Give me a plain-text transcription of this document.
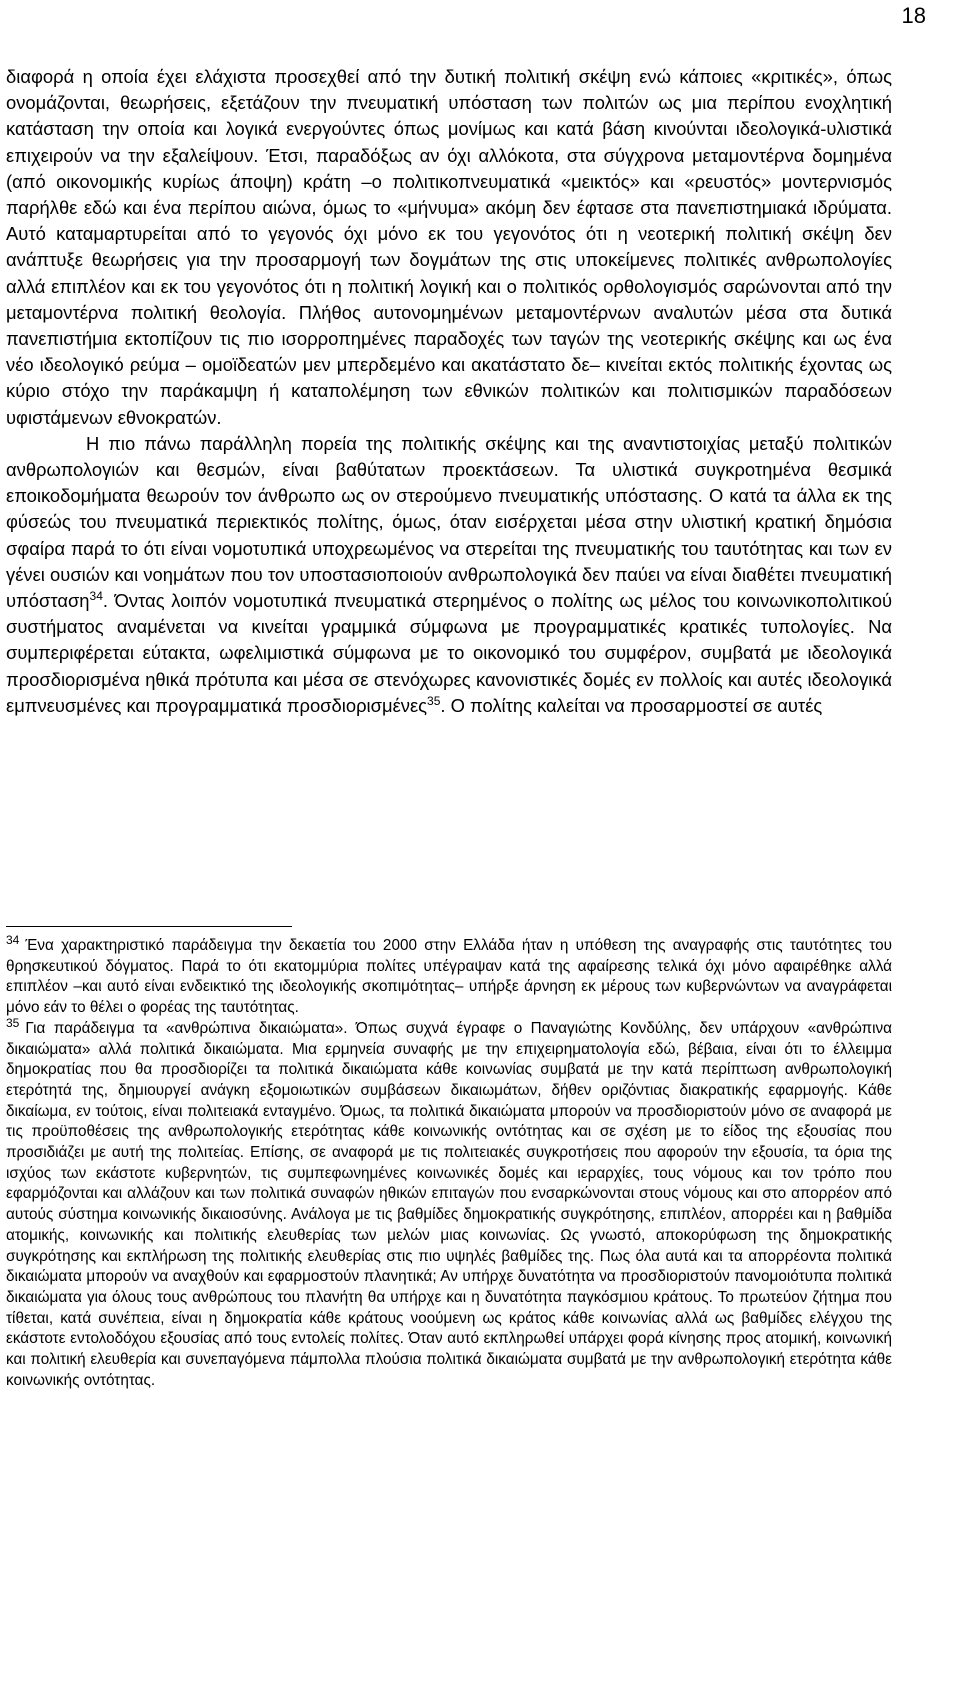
18

διαφορά η οποία έχει ελάχιστα προσεχθεί από την δυτική πολιτική σκέψη ενώ κάποιες «κριτικές», όπως ονομάζονται, θεωρήσεις, εξετάζουν την πνευματική υπόσταση των πολιτών ως μια περίπου ενοχλητική κατάσταση την οποία και λογικά ενεργούντες όπως μονίμως και κατά βάση κινούνται ιδεολογικά-υλιστικά επιχειρούν να την εξαλείψουν. Έτσι, παραδόξως αν όχι αλλόκοτα, στα σύγχρονα μεταμοντέρνα δομημένα (από οικονομικής κυρίως άποψη) κράτη –ο πολιτικοπνευματικά «μεικτός» και «ρευστός» μοντερνισμός παρήλθε εδώ και ένα περίπου αιώνα, όμως το «μήνυμα» ακόμη δεν έφτασε στα πανεπιστημιακά ιδρύματα. Αυτό καταμαρτυρείται από το γεγονός όχι μόνο εκ του γεγονότος ότι η νεοτερική πολιτική σκέψη δεν ανάπτυξε θεωρήσεις για την προσαρμογή των δογμάτων της στις υποκείμενες πολιτικές ανθρωπολογίες αλλά επιπλέον και εκ του γεγονότος ότι η πολιτική λογική και ο πολιτικός ορθολογισμός σαρώνονται από την μεταμοντέρνα πολιτική θεολογία. Πλήθος αυτονομημένων μεταμοντέρνων αναλυτών μέσα στα δυτικά πανεπιστήμια εκτοπίζουν τις πιο ισορροπημένες παραδοχές των ταγών της νεοτερικής σκέψης και ως ένα νέο ιδεολογικό ρεύμα – ομοϊδεατών μεν μπερδεμένο και ακατάστατο δε– κινείται εκτός πολιτικής έχοντας ως κύριο στόχο την παράκαμψη ή καταπολέμηση των εθνικών πολιτικών και πολιτισμικών παραδόσεων υφιστάμενων εθνοκρατών.

Η πιο πάνω παράλληλη πορεία της πολιτικής σκέψης και της αναντιστοιχίας μεταξύ πολιτικών ανθρωπολογιών και θεσμών, είναι βαθύτατων προεκτάσεων. Τα υλιστικά συγκροτημένα θεσμικά εποικοδομήματα θεωρούν τον άνθρωπο ως ον στερούμενο πνευματικής υπόστασης. Ο κατά τα άλλα εκ της φύσεώς του πνευματικά περιεκτικός πολίτης, όμως, όταν εισέρχεται μέσα στην υλιστική κρατική δημόσια σφαίρα παρά το ότι είναι νομοτυπικά υποχρεωμένος να στερείται της πνευματικής του ταυτότητας και των εν γένει ουσιών και νοημάτων που τον υποστασιοποιούν ανθρωπολογικά δεν παύει να είναι διαθέτει πνευματική υπόσταση$^{34}$. Όντας λοιπόν νομοτυπικά πνευματικά στερημένος ο πολίτης ως μέλος του κοινωνικοπολιτικού συστήματος αναμένεται να κινείται γραμμικά σύμφωνα με προγραμματικές κρατικές τυπολογίες. Να συμπεριφέρεται εύτακτα, ωφελιμιστικά σύμφωνα με το οικονομικό του συμφέρον, συμβατά με ιδεολογικά προσδιορισμένα ηθικά πρότυπα και μέσα σε στενόχωρες κανονιστικές δομές εν πολλοίς και αυτές ιδεολογικά εμπνευσμένες και προγραμματικά προσδιορισμένες$^{35}$. Ο πολίτης καλείται να προσαρμοστεί σε αυτές

$^{34}$ Ένα χαρακτηριστικό παράδειγμα την δεκαετία του 2000 στην Ελλάδα ήταν η υπόθεση της αναγραφής στις ταυτότητες του θρησκευτικού δόγματος. Παρά το ότι εκατομμύρια πολίτες υπέγραψαν κατά της αφαίρεσης τελικά όχι μόνο αφαιρέθηκε αλλά επιπλέον –και αυτό είναι ενδεικτικό της ιδεολογικής σκοπιμότητας– υπήρξε άρνηση εκ μέρους των κυβερνώντων να αναγράφεται μόνο εάν το θέλει ο φορέας της ταυτότητας.

$^{35}$ Για παράδειγμα τα «ανθρώπινα δικαιώματα». Όπως συχνά έγραφε ο Παναγιώτης Κονδύλης, δεν υπάρχουν «ανθρώπινα δικαιώματα» αλλά πολιτικά δικαιώματα. Μια ερμηνεία συναφής με την επιχειρηματολογία εδώ, βέβαια, είναι ότι το έλλειμμα δημοκρατίας που θα προσδιορίζει τα πολιτικά δικαιώματα κάθε κοινωνίας συμβατά με την κατά περίπτωση ανθρωπολογική ετερότητά της, δημιουργεί ανάγκη εξομοιωτικών συμβάσεων δικαιωμάτων, δήθεν οριζόντιας διακρατικής εφαρμογής. Κάθε δικαίωμα, εν τούτοις, είναι πολιτειακά ενταγμένο. Όμως, τα πολιτικά δικαιώματα μπορούν να προσδιοριστούν μόνο σε αναφορά με τις προϋποθέσεις της ανθρωπολογικής ετερότητας κάθε κοινωνικής οντότητας και σε σχέση με το είδος της εξουσίας που προσιδιάζει με αυτή της πολιτείας. Επίσης, σε αναφορά με τις πολιτειακές συγκροτήσεις που αφορούν την εξουσία, τα όρια της ισχύος των εκάστοτε κυβερνητών, τις συμπεφωνημένες κοινωνικές δομές και ιεραρχίες, τους νόμους και τον τρόπο που εφαρμόζονται και αλλάζουν και των πολιτικά συναφών ηθικών επιταγών που ενσαρκώνονται στους νόμους και στο απορρέον από αυτούς σύστημα κοινωνικής δικαιοσύνης. Ανάλογα με τις βαθμίδες δημοκρατικής συγκρότησης, επιπλέον, απορρέει και η βαθμίδα ατομικής, κοινωνικής και πολιτικής ελευθερίας των μελών μιας κοινωνίας. Ως γνωστό, αποκορύφωση της δημοκρατικής συγκρότησης και εκπλήρωση της πολιτικής ελευθερίας στις πιο υψηλές βαθμίδες της. Πως όλα αυτά και τα απορρέοντα πολιτικά δικαιώματα μπορούν να αναχθούν και εφαρμοστούν πλανητικά; Αν υπήρχε δυνατότητα να προσδιοριστούν πανομοιότυπα πολιτικά δικαιώματα για όλους τους ανθρώπους του πλανήτη θα υπήρχε και η δυνατότητα παγκόσμιου κράτους. Το πρωτεύον ζήτημα που τίθεται, κατά συνέπεια, είναι η δημοκρατία κάθε κράτους νοούμενη ως κράτος κάθε κοινωνίας αλλά ως βαθμίδες ελέγχου της εκάστοτε εντολοδόχου εξουσίας από τους εντολείς πολίτες. Όταν αυτό εκπληρωθεί υπάρχει φορά κίνησης προς ατομική, κοινωνική και πολιτική ελευθερία και συνεπαγόμενα πάμπολλα πλούσια πολιτικά δικαιώματα συμβατά με την ανθρωπολογική ετερότητα κάθε κοινωνικής οντότητας.
